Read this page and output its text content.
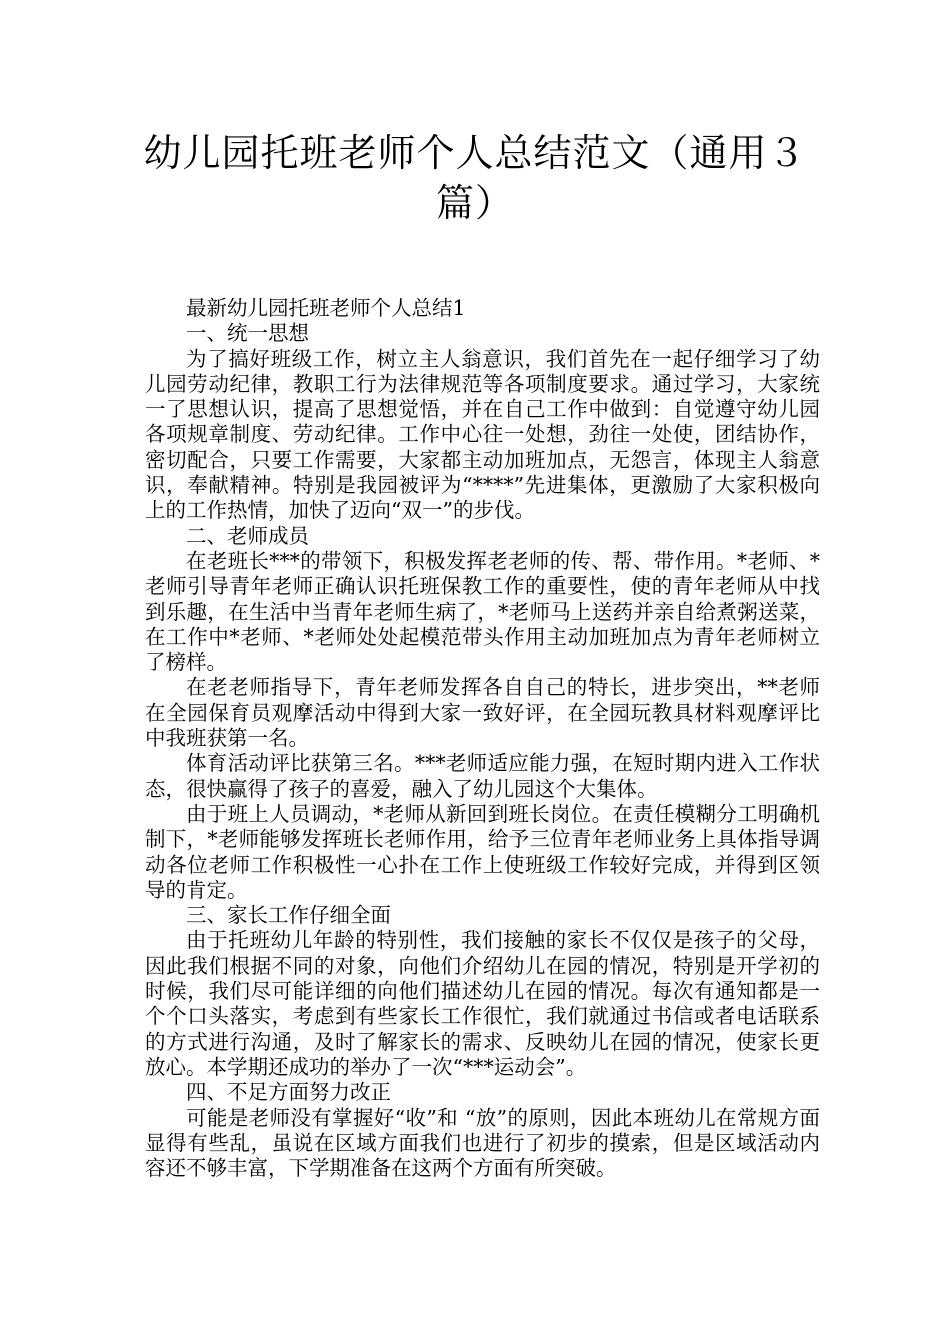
幼儿园托班老师个人总结范文（通用３篇）

最新幼儿园托班老师个人总结1

一、统一思想

为了搞好班级工作，树立主人翁意识，我们首先在一起仔细学习了幼儿园劳动纪律，教职工行为法律规范等各项制度要求。通过学习，大家统一了思想认识，提高了思想觉悟，并在自己工作中做到：自觉遵守幼儿园各项规章制度、劳动纪律。工作中心往一处想，劲往一处使，团结协作，密切配合，只要工作需要，大家都主动加班加点，无怨言，体现主人翁意识，奉献精神。特别是我园被评为“****”先进集体，更激励了大家积极向上的工作热情，加快了迈向“双一”的步伐。

二、老师成员

在老班长***的带领下，积极发挥老老师的传、帮、带作用。*老师、*老师引导青年老师正确认识托班保教工作的重要性，使的青年老师从中找到乐趣，在生活中当青年老师生病了，*老师马上送药并亲自给煮粥送菜，在工作中*老师、*老师处处起模范带头作用主动加班加点为青年老师树立了榜样。

在老老师指导下，青年老师发挥各自自己的特长，进步突出，**老师在全园保育员观摩活动中得到大家一致好评，在全园玩教具材料观摩评比中我班获第一名。

体育活动评比获第三名。***老师适应能力强，在短时期内进入工作状态，很快赢得了孩子的喜爱，融入了幼儿园这个大集体。

由于班上人员调动，*老师从新回到班长岗位。在责任模糊分工明确机制下，*老师能够发挥班长老师作用，给予三位青年老师业务上具体指导调动各位老师工作积极性一心扑在工作上使班级工作较好完成，并得到区领导的肯定。

三、家长工作仔细全面

由于托班幼儿年龄的特别性，我们接触的家长不仅仅是孩子的父母，因此我们根据不同的对象，向他们介绍幼儿在园的情况，特别是开学初的时候，我们尽可能详细的向他们描述幼儿在园的情况。每次有通知都是一个个口头落实，考虑到有些家长工作很忙，我们就通过书信或者电话联系的方式进行沟通，及时了解家长的需求、反映幼儿在园的情况，使家长更放心。本学期还成功的举办了一次“***运动会”。

四、不足方面努力改正

可能是老师没有掌握好“收”和 “放”的原则，因此本班幼儿在常规方面显得有些乱，虽说在区域方面我们也进行了初步的摸索，但是区域活动内容还不够丰富，下学期准备在这两个方面有所突破。
